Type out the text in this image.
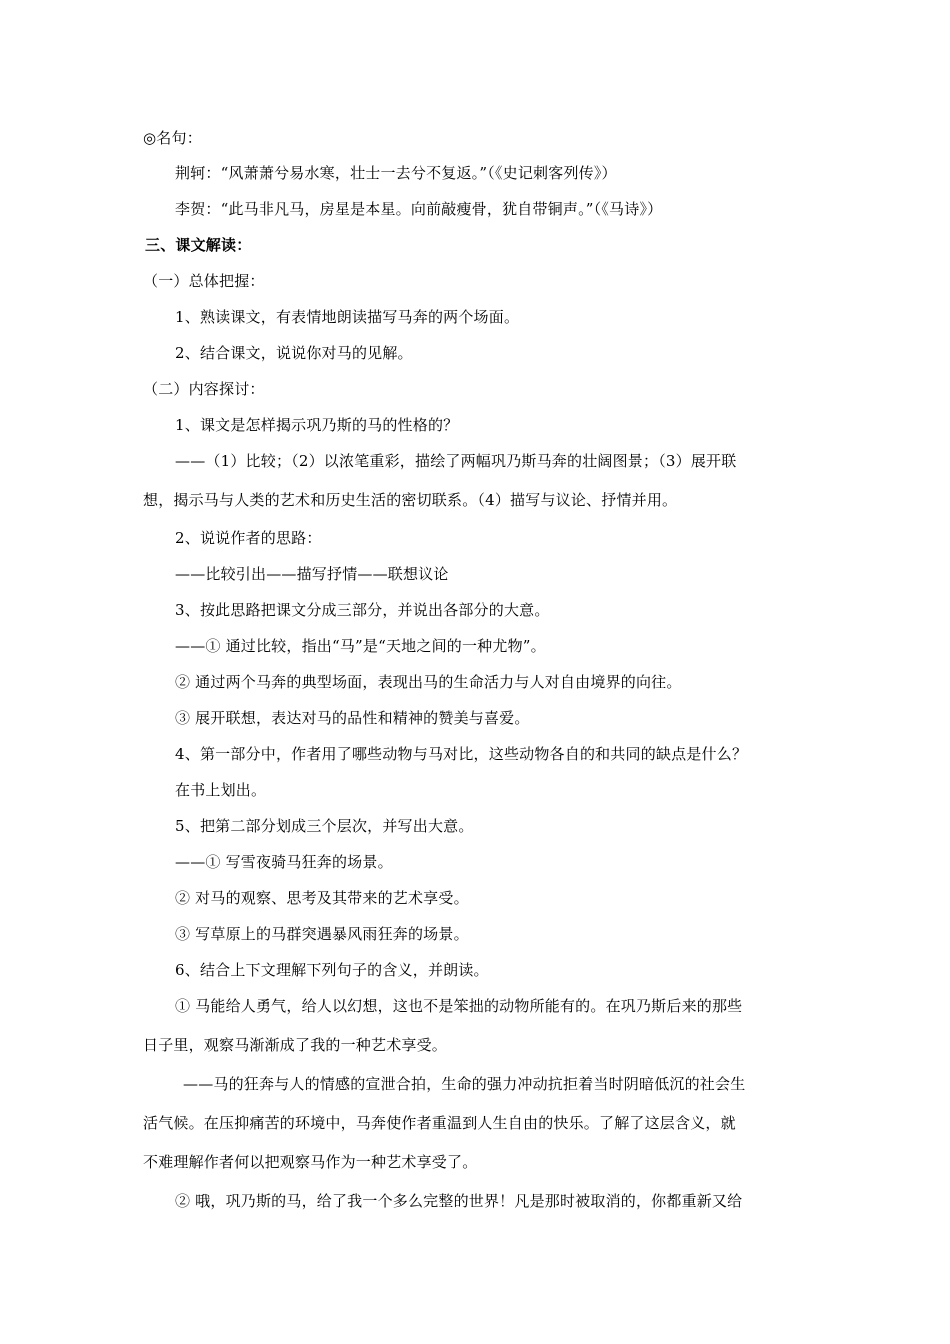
◎名句：
荆轲：“风萧萧兮易水寒，壮士一去兮不复返。”（《史记刺客列传》）
李贺：“此马非凡马，房星是本星。向前敲瘦骨，犹自带铜声。”（《马诗》）
三、课文解读：
（一）总体把握：
1、熟读课文，有表情地朗读描写马奔的两个场面。
2、结合课文，说说你对马的见解。
（二）内容探讨：
1、课文是怎样揭示巩乃斯的马的性格的？
——（1）比较；（2）以浓笔重彩，描绘了两幅巩乃斯马奔的壮阔图景；（3）展开联
想，揭示马与人类的艺术和历史生活的密切联系。（4）描写与议论、抒情并用。
2、说说作者的思路：
——比较引出——描写抒情——联想议论
3、按此思路把课文分成三部分，并说出各部分的大意。
——① 通过比较，指出“马”是“天地之间的一种尤物”。
② 通过两个马奔的典型场面，表现出马的生命活力与人对自由境界的向往。
③ 展开联想，表达对马的品性和精神的赞美与喜爱。
4、第一部分中，作者用了哪些动物与马对比，这些动物各自的和共同的缺点是什么？
在书上划出。
5、把第二部分划成三个层次，并写出大意。
——① 写雪夜骑马狂奔的场景。
② 对马的观察、思考及其带来的艺术享受。
③ 写草原上的马群突遇暴风雨狂奔的场景。
6、结合上下文理解下列句子的含义，并朗读。
① 马能给人勇气，给人以幻想，这也不是笨拙的动物所能有的。在巩乃斯后来的那些
日子里，观察马渐渐成了我的一种艺术享受。
——马的狂奔与人的情感的宣泄合拍，生命的强力冲动抗拒着当时阴暗低沉的社会生
活气候。在压抑痛苦的环境中，马奔使作者重温到人生自由的快乐。了解了这层含义，就
不难理解作者何以把观察马作为一种艺术享受了。
② 哦，巩乃斯的马，给了我一个多么完整的世界！凡是那时被取消的，你都重新又给
